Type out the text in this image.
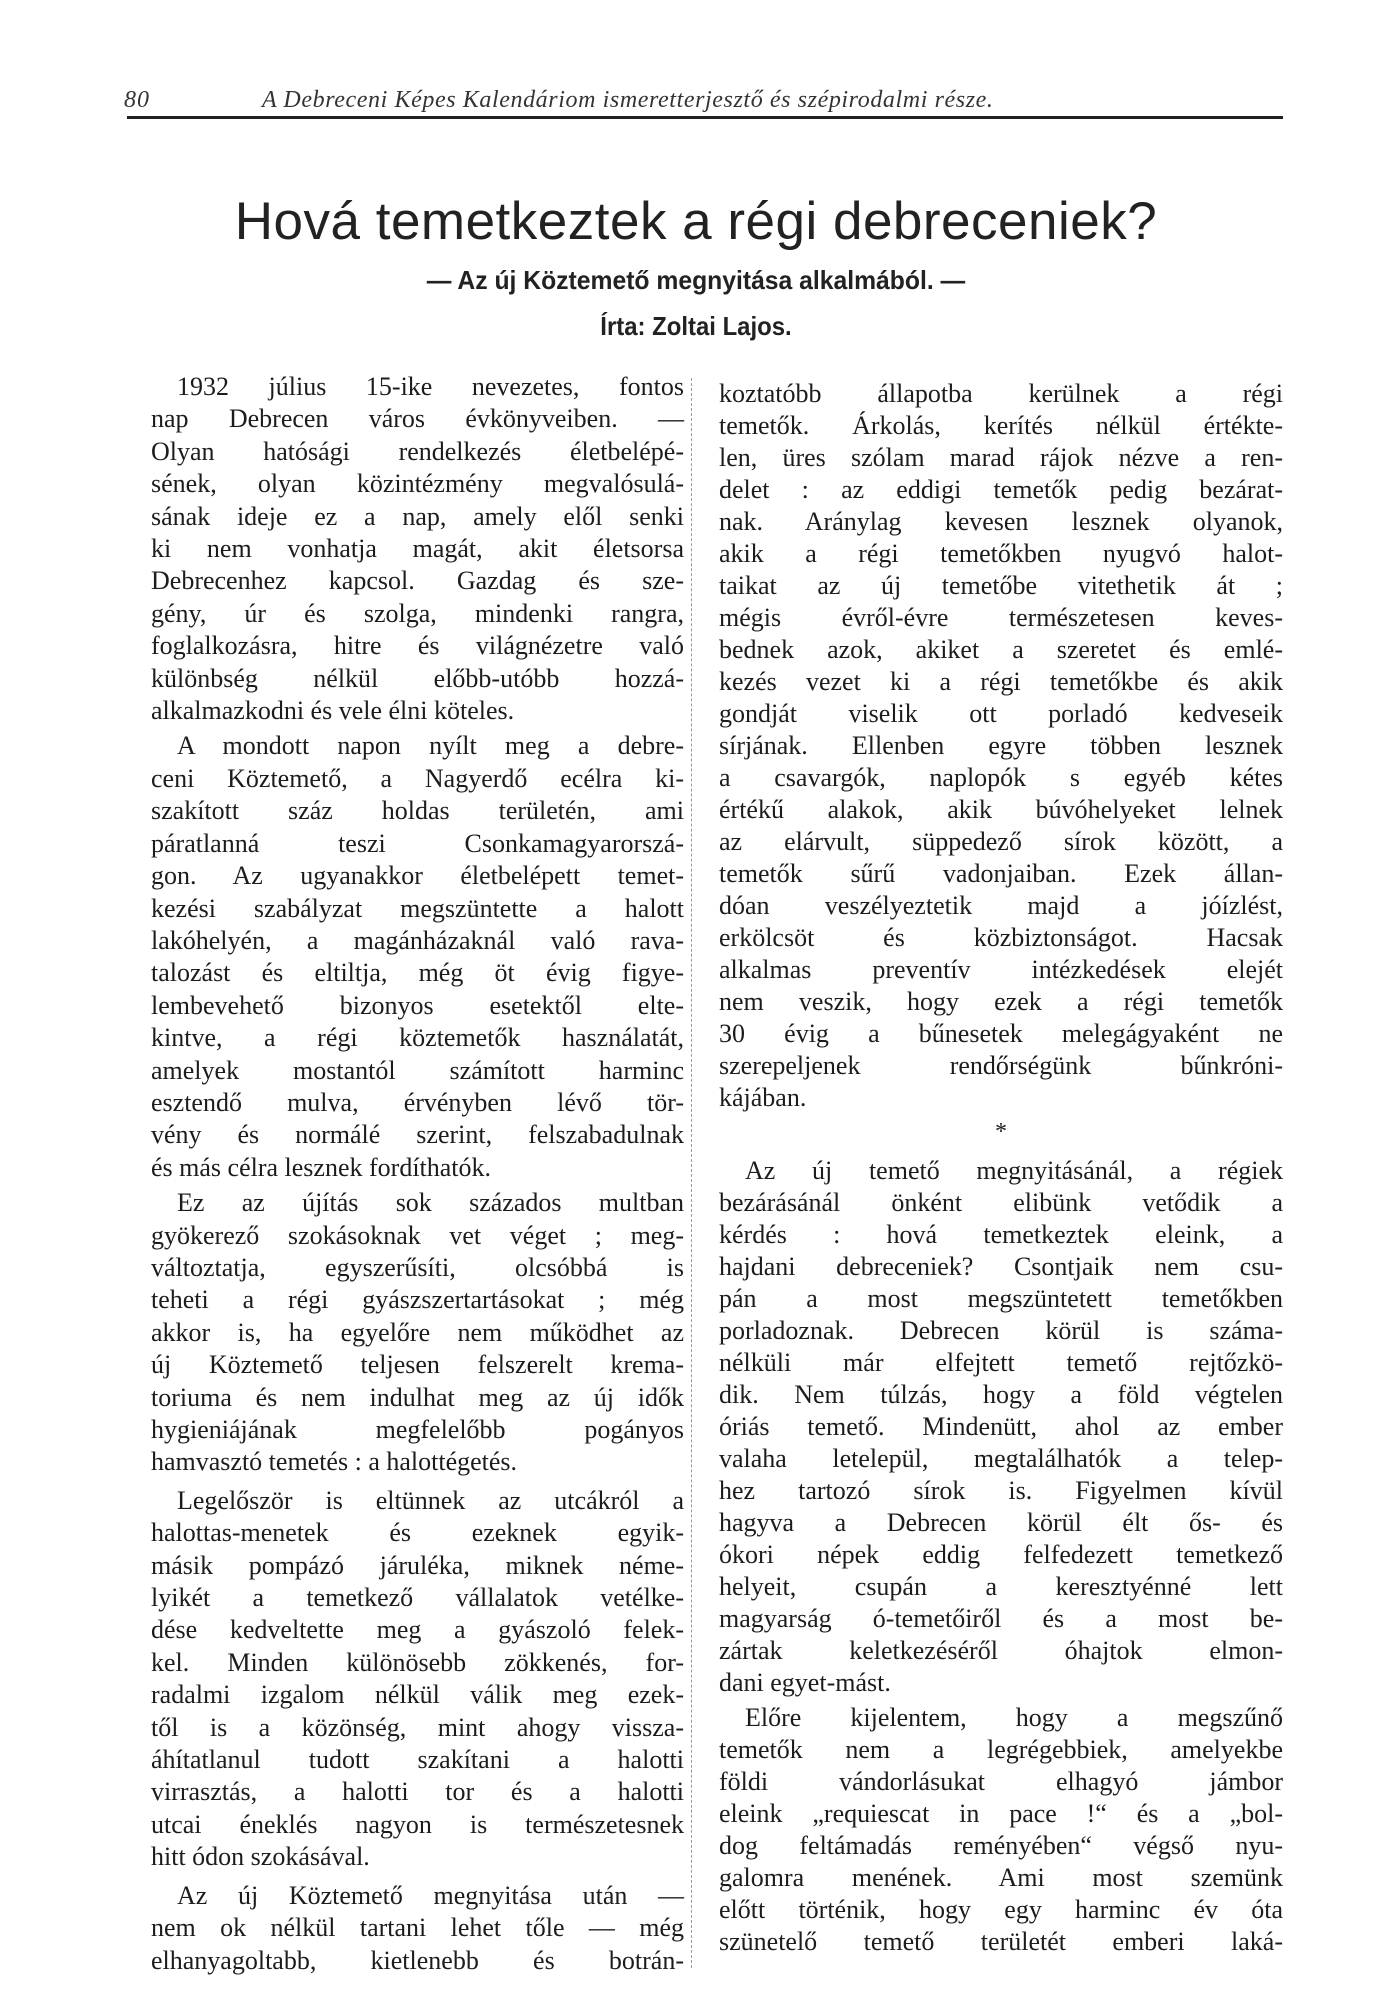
80	A Debreceni Képes Kalendáriom ismeretterjesztő és szépirodalmi része.
Hová temetkeztek a régi debreceniek?
— Az új Köztemető megnyitása alkalmából. —
Írta: Zoltai Lajos.
1932 július 15-ike nevezetes, fontos
nap Debrecen város évkönyveiben. —
Olyan hatósági rendelkezés életbelépé-
sének, olyan közintézmény megvalósulá-
sának ideje ez a nap, amely elől senki
ki nem vonhatja magát, akit életsorsa
Debrecenhez kapcsol. Gazdag és sze-
gény, úr és szolga, mindenki rangra,
foglalkozásra, hitre és világnézetre való
különbség nélkül előbb-utóbb hozzá-
alkalmazkodni és vele élni köteles.
A mondott napon nyílt meg a debre-
ceni Köztemető, a Nagyerdő ecélra ki-
szakított száz holdas területén, ami
páratlanná teszi Csonkamagyarorszá-
gon. Az ugyanakkor életbelépett temet-
kezési szabályzat megszüntette a halott
lakóhelyén, a magánházaknál való rava-
talozást és eltiltja, még öt évig figye-
lembevehető bizonyos esetektől elte-
kintve, a régi köztemetők használatát,
amelyek mostantól számított harminc
esztendő mulva, érvényben lévő tör-
vény és normálé szerint, felszabadulnak
és más célra lesznek fordíthatók.
Ez az újítás sok százados multban
gyökerező szokásoknak vet véget ; meg-
változtatja, egyszerűsíti, olcsóbbá is
teheti a régi gyászszertartásokat ; még
akkor is, ha egyelőre nem működhet az
új Köztemető teljesen felszerelt krema-
toriuma és nem indulhat meg az új idők
hygieniájának megfelelőbb pogányos
hamvasztó temetés : a halottégetés.
Legelőször is eltünnek az utcákról a
halottas-menetek és ezeknek egyik-
másik pompázó járuléka, miknek néme-
lyikét a temetkező vállalatok vetélke-
dése kedveltette meg a gyászoló felek-
kel. Minden különösebb zökkenés, for-
radalmi izgalom nélkül válik meg ezek-
től is a közönség, mint ahogy vissza-
áhítatlanul tudott szakítani a halotti
virrasztás, a halotti tor és a halotti
utcai éneklés nagyon is természetesnek
hitt ódon szokásával.
Az új Köztemető megnyitása után —
nem ok nélkül tartani lehet tőle — még
elhanyagoltabb, kietlenebb és botrán-
koztatóbb állapotba kerülnek a régi
temetők. Árkolás, kerítés nélkül értékte-
len, üres szólam marad rájok nézve a ren-
delet : az eddigi temetők pedig bezárat-
nak. Aránylag kevesen lesznek olyanok,
akik a régi temetőkben nyugvó halot-
taikat az új temetőbe vitethetik át ;
mégis évről-évre természetesen keves-
bednek azok, akiket a szeretet és emlé-
kezés vezet ki a régi temetőkbe és akik
gondját viselik ott porladó kedveseik
sírjának. Ellenben egyre többen lesznek
a csavargók, naplopók s egyéb kétes
értékű alakok, akik búvóhelyeket lelnek
az elárvult, süppedező sírok között, a
temetők sűrű vadonjaiban. Ezek állan-
dóan veszélyeztetik majd a jóízlést,
erkölcsöt és közbiztonságot. Hacsak
alkalmas preventív intézkedések elejét
nem veszik, hogy ezek a régi temetők
30 évig a bűnesetek melegágyaként ne
szerepeljenek rendőrségünk bűnkróni-
kájában.
*
Az új temető megnyitásánál, a régiek
bezárásánál önként elibünk vetődik a
kérdés : hová temetkeztek eleink, a
hajdani debreceniek? Csontjaik nem csu-
pán a most megszüntetett temetőkben
porladoznak. Debrecen körül is száma-
nélküli már elfejtett temető rejtőzkö-
dik. Nem túlzás, hogy a föld végtelen
óriás temető. Mindenütt, ahol az ember
valaha letelepül, megtalálhatók a telep-
hez tartozó sírok is. Figyelmen kívül
hagyva a Debrecen körül élt ős- és
ókori népek eddig felfedezett temetkező
helyeit, csupán a keresztyénné lett
magyarság ó-temetőiről és a most be-
zártak keletkezéséről óhajtok elmon-
dani egyet-mást.
Előre kijelentem, hogy a megszűnő
temetők nem a legrégebbiek, amelyekbe
földi vándorlásukat elhagyó jámbor
eleink „requiescat in pace !“ és a „bol-
dog feltámadás reményében“ végső nyu-
galomra menének. Ami most szemünk
előtt történik, hogy egy harminc év óta
szünetelő temető területét emberi laká-
